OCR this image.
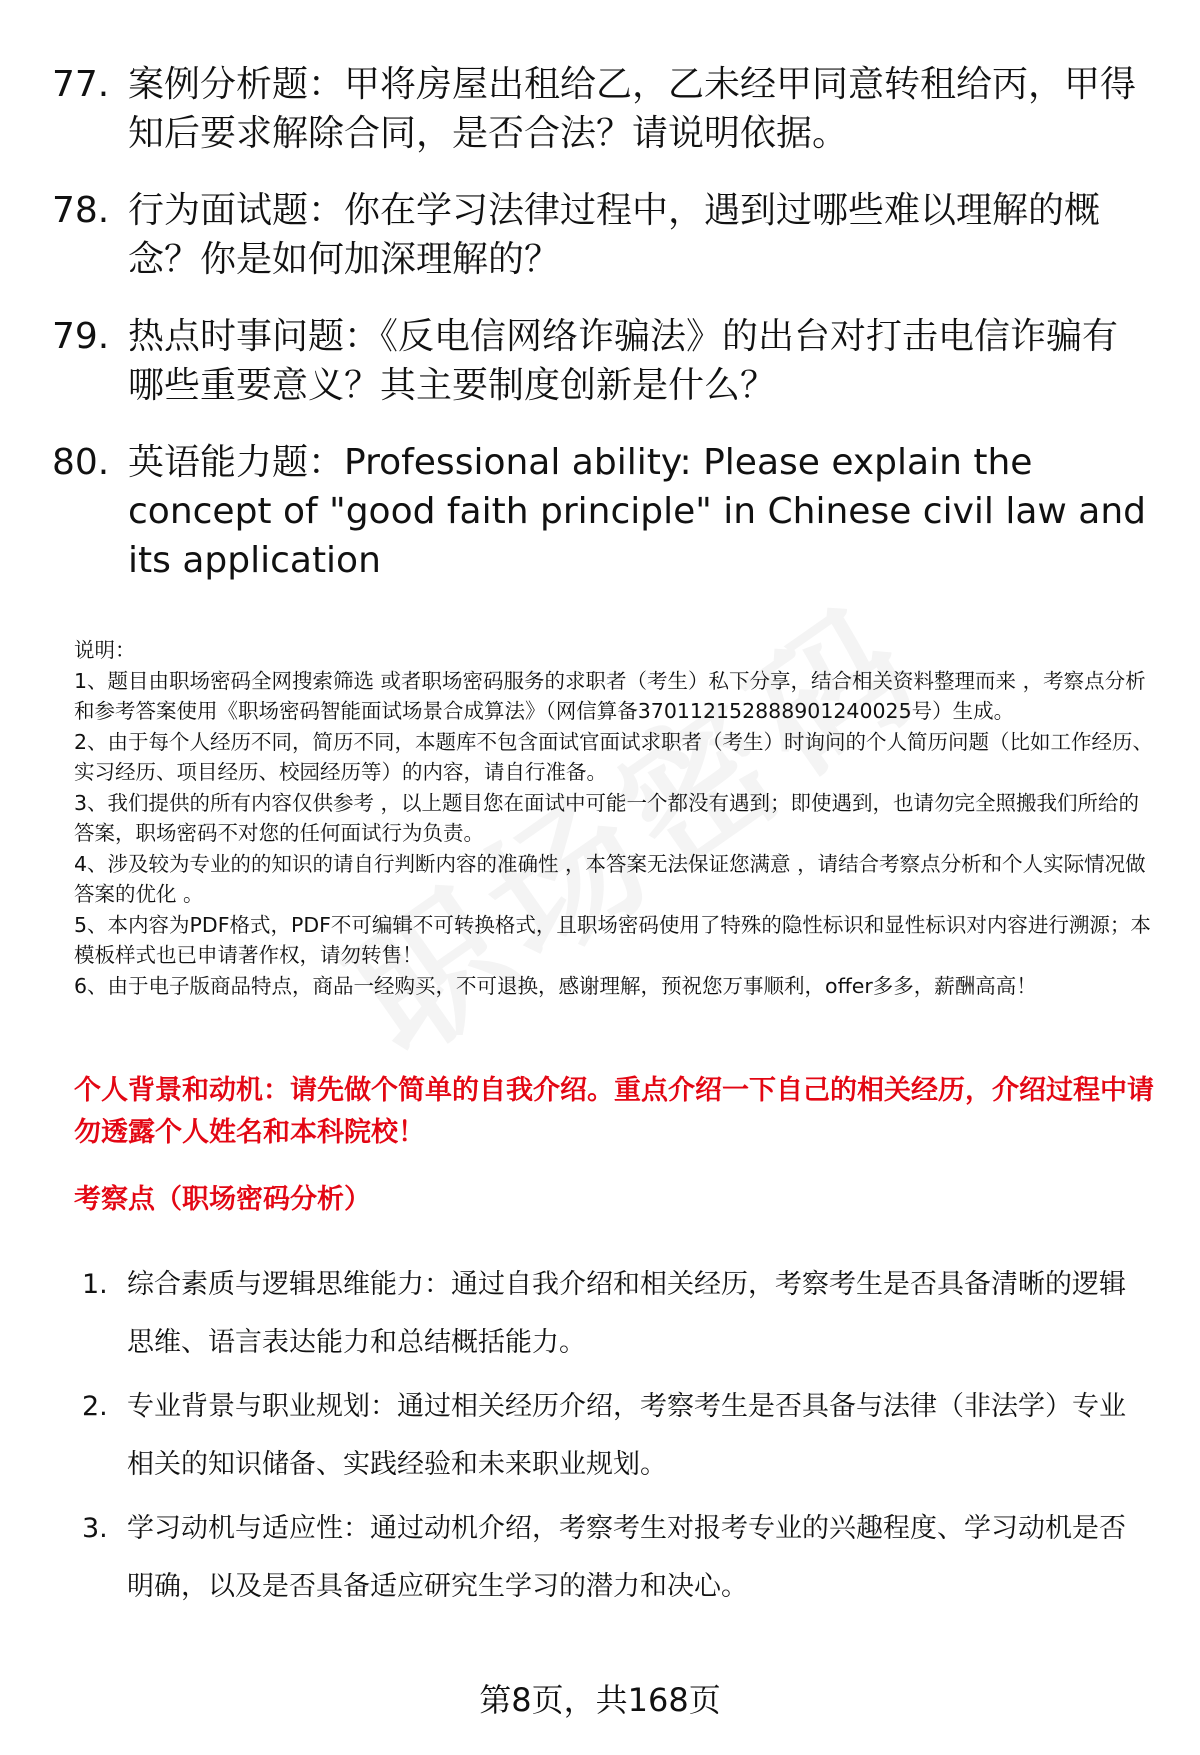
77. 案例分析题：甲将房屋出租给乙，乙未经甲同意转租给丙，甲得知后要求解除合同，是否合法？请说明依据。
78. 行为面试题：你在学习法律过程中，遇到过哪些难以理解的概念？你是如何加深理解的？
79. 热点时事问题：《反电信网络诈骗法》的出台对打击电信诈骗有哪些重要意义？其主要制度创新是什么？
80. 英语能力题：Professional ability: Please explain the concept of "good faith principle" in Chinese civil law and its application

说明：

1、题目由职场密码全网搜索筛选 或者职场密码服务的求职者（考生）私下分享，结合相关资料整理而来 ，考察点分析和参考答案使用《职场密码智能面试场景合成算法》（网信算备370112152888901240025号）生成。

2、由于每个人经历不同，简历不同，本题库不包含面试官面试求职者（考生）时询问的个人简历问题（比如工作经历、实习经历、项目经历、校园经历等）的内容，请自行准备。

3、我们提供的所有内容仅供参考 ，以上题目您在面试中可能一个都没有遇到；即使遇到，也请勿完全照搬我们所给的答案，职场密码不对您的任何面试行为负责。

4、涉及较为专业的的知识的请自行判断内容的准确性 ，本答案无法保证您满意 ，请结合考察点分析和个人实际情况做答案的优化 。

5、本内容为PDF格式，PDF不可编辑不可转换格式，且职场密码使用了特殊的隐性标识和显性标识对内容进行溯源；本模板样式也已申请著作权，请勿转售！

6、由于电子版商品特点，商品一经购买，不可退换，感谢理解，预祝您万事顺利，offer多多，薪酬高高！

个人背景和动机：请先做个简单的自我介绍。重点介绍一下自己的相关经历，介绍过程中请勿透露个人姓名和本科院校！
考察点（职场密码分析）
1. 综合素质与逻辑思维能力：通过自我介绍和相关经历，考察考生是否具备清晰的逻辑思维、语言表达能力和总结概括能力。
2. 专业背景与职业规划：通过相关经历介绍，考察考生是否具备与法律（非法学）专业相关的知识储备、实践经验和未来职业规划。
3. 学习动机与适应性：通过动机介绍，考察考生对报考专业的兴趣程度、学习动机是否明确，以及是否具备适应研究生学习的潜力和决心。
第8页，共168页
